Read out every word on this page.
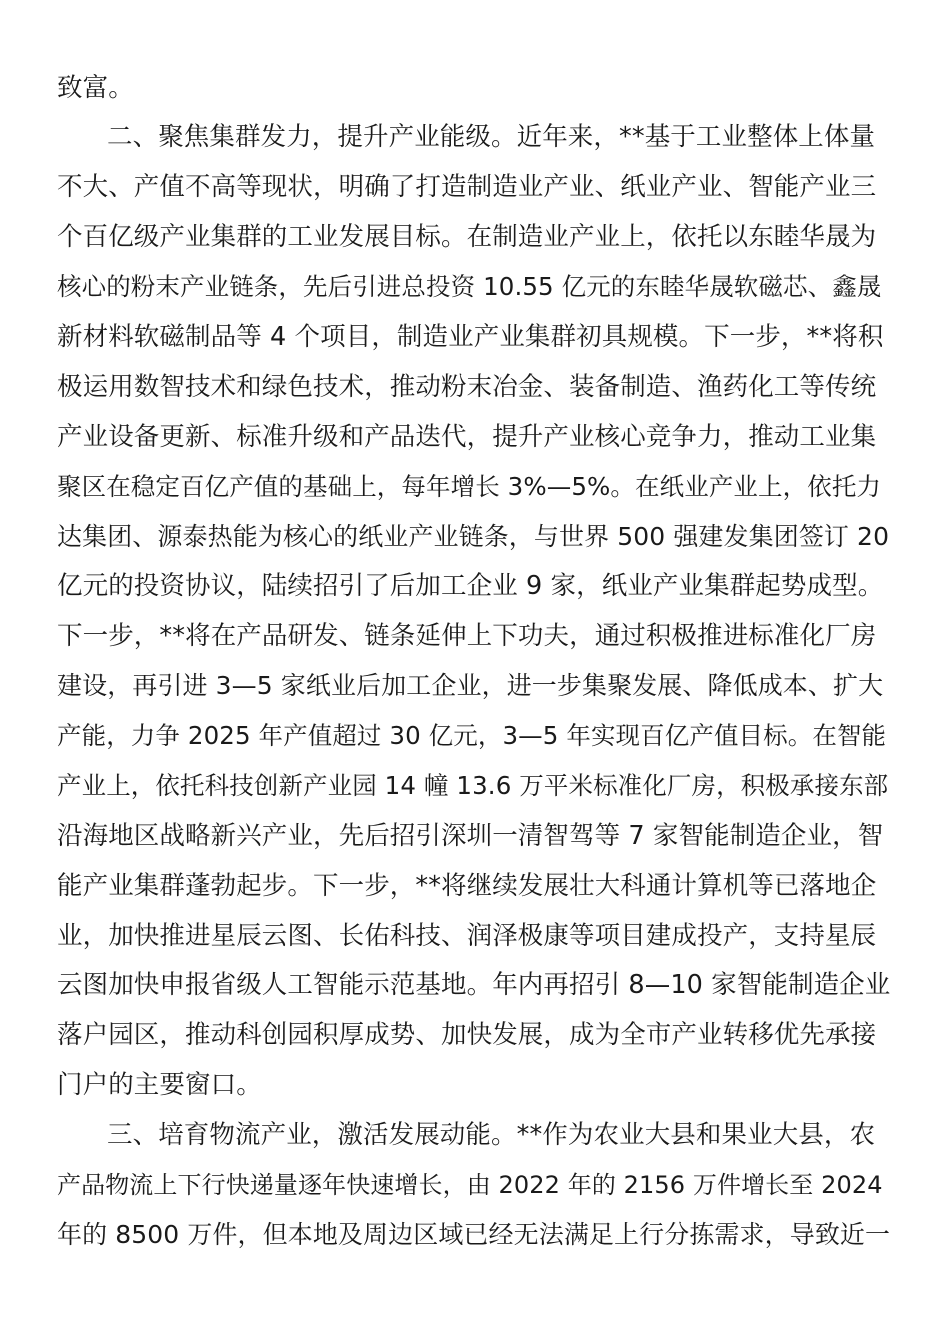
致富。
二、聚焦集群发力，提升产业能级。近年来，**基于工业整体上体量
不大、产值不高等现状，明确了打造制造业产业、纸业产业、智能产业三
个百亿级产业集群的工业发展目标。在制造业产业上，依托以东睦华晟为
核心的粉末产业链条，先后引进总投资 10.55 亿元的东睦华晟软磁芯、鑫晟
新材料软磁制品等 4 个项目，制造业产业集群初具规模。下一步，**将积
极运用数智技术和绿色技术，推动粉末冶金、装备制造、渔药化工等传统
产业设备更新、标准升级和产品迭代，提升产业核心竞争力，推动工业集
聚区在稳定百亿产值的基础上，每年增长 3%—5%。在纸业产业上，依托力
达集团、源泰热能为核心的纸业产业链条，与世界 500 强建发集团签订 20
亿元的投资协议，陆续招引了后加工企业 9 家，纸业产业集群起势成型。
下一步，**将在产品研发、链条延伸上下功夫，通过积极推进标准化厂房
建设，再引进 3—5 家纸业后加工企业，进一步集聚发展、降低成本、扩大
产能，力争 2025 年产值超过 30 亿元，3—5 年实现百亿产值目标。在智能
产业上，依托科技创新产业园 14 幢 13.6 万平米标准化厂房，积极承接东部
沿海地区战略新兴产业，先后招引深圳一清智驾等 7 家智能制造企业，智
能产业集群蓬勃起步。下一步，**将继续发展壮大科通计算机等已落地企
业，加快推进星辰云图、长佑科技、润泽极康等项目建成投产，支持星辰
云图加快申报省级人工智能示范基地。年内再招引 8—10 家智能制造企业
落户园区，推动科创园积厚成势、加快发展，成为全市产业转移优先承接
门户的主要窗口。
三、培育物流产业，激活发展动能。**作为农业大县和果业大县，农
产品物流上下行快递量逐年快速增长，由 2022 年的 2156 万件增长至 2024
年的 8500 万件，但本地及周边区域已经无法满足上行分拣需求，导致近一
